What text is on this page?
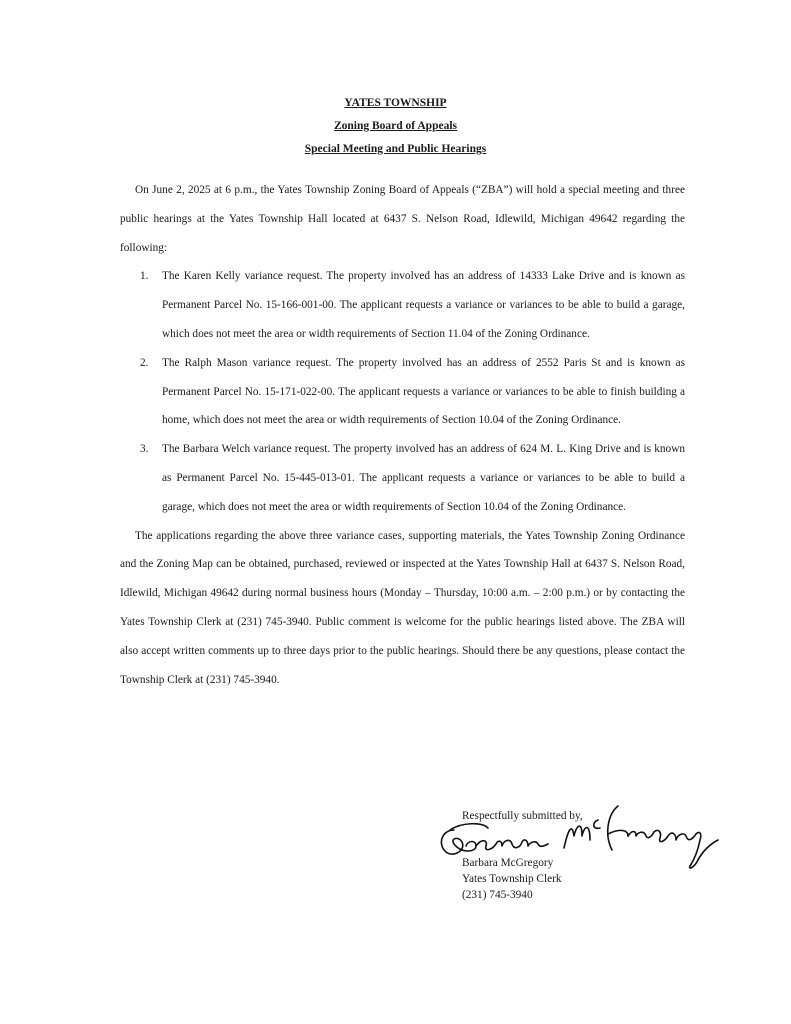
YATES TOWNSHIP
Zoning Board of Appeals
Special Meeting and Public Hearings

On June 2, 2025 at 6 p.m., the Yates Township Zoning Board of Appeals (“ZBA”) will hold a special meeting and three public hearings at the Yates Township Hall located at 6437 S. Nelson Road, Idlewild, Michigan 49642 regarding the following:

1. The Karen Kelly variance request. The property involved has an address of 14333 Lake Drive and is known as Permanent Parcel No. 15-166-001-00. The applicant requests a variance or variances to be able to build a garage, which does not meet the area or width requirements of Section 11.04 of the Zoning Ordinance.
2. The Ralph Mason variance request. The property involved has an address of 2552 Paris St and is known as Permanent Parcel No. 15-171-022-00. The applicant requests a variance or variances to be able to finish building a home, which does not meet the area or width requirements of Section 10.04 of the Zoning Ordinance.
3. The Barbara Welch variance request. The property involved has an address of 624 M. L. King Drive and is known as Permanent Parcel No. 15-445-013-01. The applicant requests a variance or variances to be able to build a garage, which does not meet the area or width requirements of Section 10.04 of the Zoning Ordinance.

The applications regarding the above three variance cases, supporting materials, the Yates Township Zoning Ordinance and the Zoning Map can be obtained, purchased, reviewed or inspected at the Yates Township Hall at 6437 S. Nelson Road, Idlewild, Michigan 49642 during normal business hours (Monday – Thursday, 10:00 a.m. – 2:00 p.m.) or by contacting the Yates Township Clerk at (231) 745-3940. Public comment is welcome for the public hearings listed above. The ZBA will also accept written comments up to three days prior to the public hearings. Should there be any questions, please contact the Township Clerk at (231) 745-3940.

Respectfully submitted by,
Barbara McGregory
Yates Township Clerk
(231) 745-3940
